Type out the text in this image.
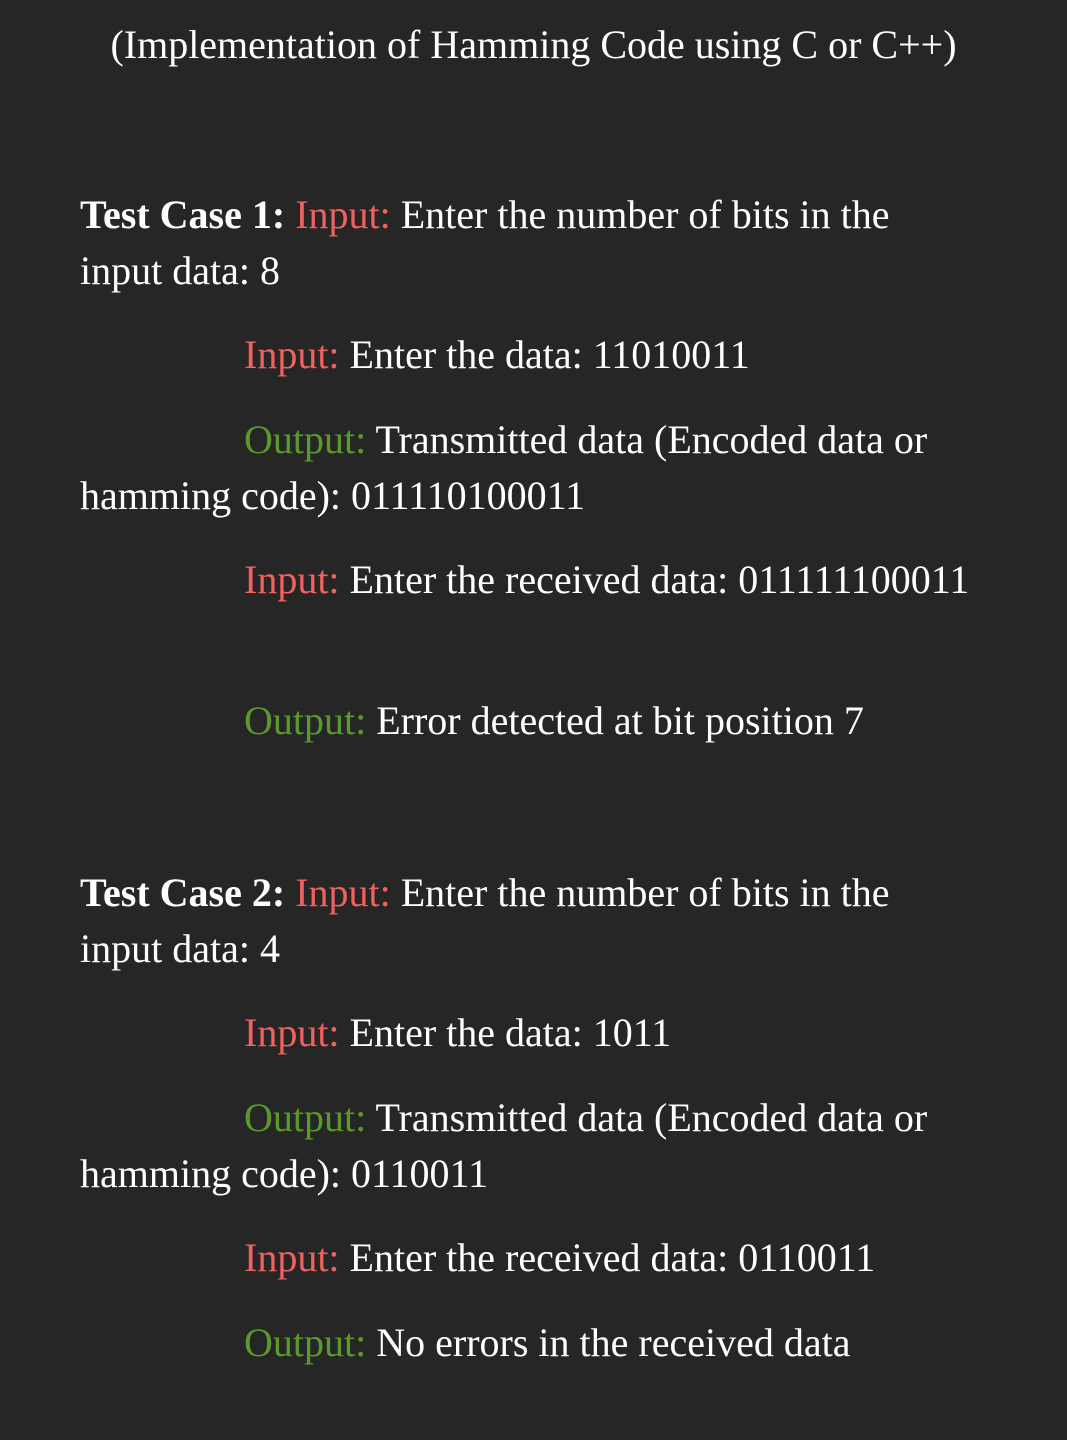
(Implementation of Hamming Code using C or C++)
Test Case 1: Input: Enter the number of bits in the input data: 8
Input: Enter the data: 11010011
Output: Transmitted data (Encoded data or hamming code): 011110100011
Input: Enter the received data: 011111100011
Output: Error detected at bit position 7
Test Case 2: Input: Enter the number of bits in the input data: 4
Input: Enter the data: 1011
Output: Transmitted data (Encoded data or hamming code): 0110011
Input: Enter the received data: 0110011
Output: No errors in the received data
